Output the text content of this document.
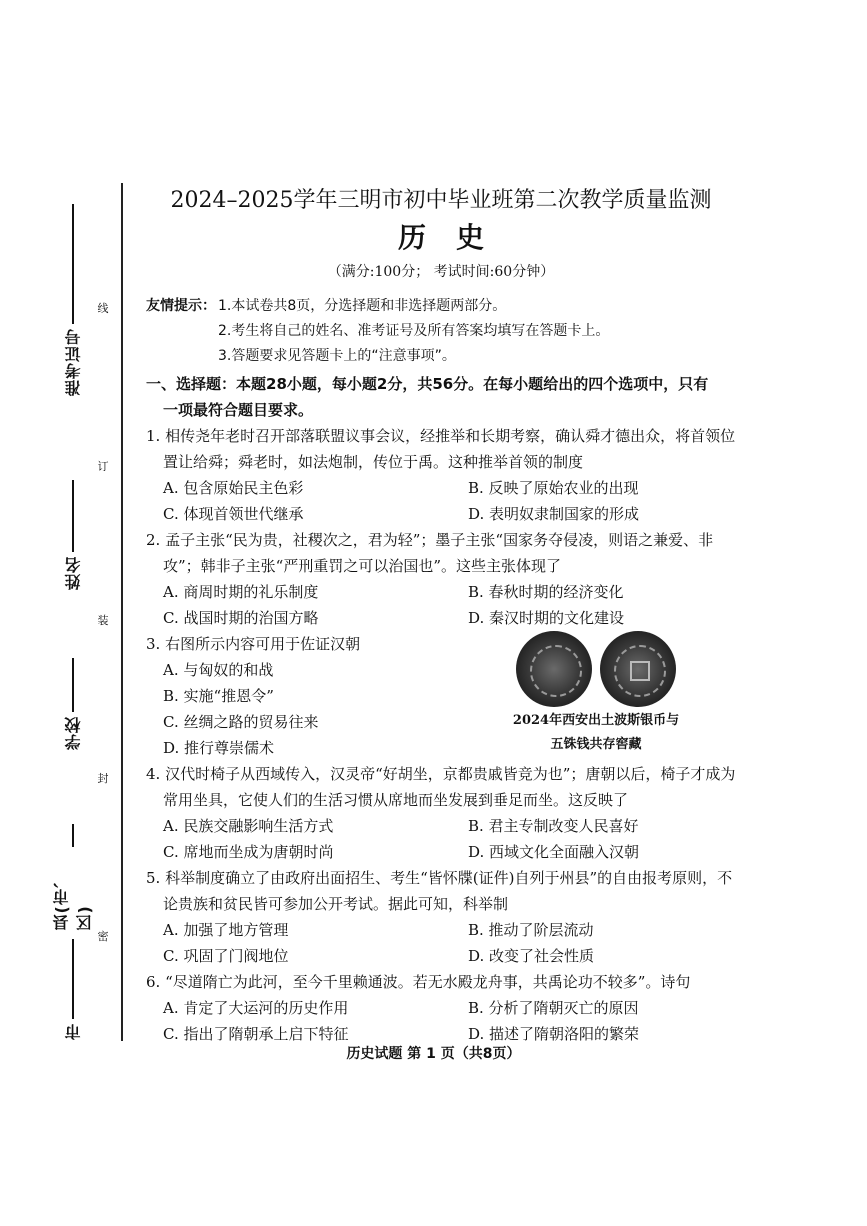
线
订
装
封
密
准考证号
姓名
学校
县(市、区)
市
2024–2025学年三明市初中毕业班第二次教学质量监测
历史
（满分:100分； 考试时间:60分钟）
友情提示： 1.本试卷共8页，分选择题和非选择题两部分。
2.考生将自己的姓名、准考证号及所有答案均填写在答题卡上。
3.答题要求见答题卡上的“注意事项”。
一、选择题：本题28小题，每小题2分，共56分。在每小题给出的四个选项中，只有
一项最符合题目要求。
1. 相传尧年老时召开部落联盟议事会议，经推举和长期考察，确认舜才德出众，将首领位置让给舜；舜老时，如法炮制，传位于禹。这种推举首领的制度
A. 包含原始民主色彩	B. 反映了原始农业的出现
C. 体现首领世代继承	D. 表明奴隶制国家的形成
2. 孟子主张“民为贵，社稷次之，君为轻”；墨子主张“国家务夺侵凌，则语之兼爱、非攻”；韩非子主张“严刑重罚之可以治国也”。这些主张体现了
A. 商周时期的礼乐制度	B. 春秋时期的经济变化
C. 战国时期的治国方略	D. 秦汉时期的文化建设
3. 右图所示内容可用于佐证汉朝
A. 与匈奴的和战
B. 实施“推恩令”
C. 丝绸之路的贸易往来
D. 推行尊崇儒术
2024年西安出土波斯银币与
五铢钱共存窖藏
4. 汉代时椅子从西域传入，汉灵帝“好胡坐，京都贵戚皆竞为也”；唐朝以后，椅子才成为常用坐具，它使人们的生活习惯从席地而坐发展到垂足而坐。这反映了
A. 民族交融影响生活方式	B. 君主专制改变人民喜好
C. 席地而坐成为唐朝时尚	D. 西域文化全面融入汉朝
5. 科举制度确立了由政府出面招生、考生“皆怀牒(证件)自列于州县”的自由报考原则，不论贵族和贫民皆可参加公开考试。据此可知，科举制
A. 加强了地方管理	B. 推动了阶层流动
C. 巩固了门阀地位	D. 改变了社会性质
6. “尽道隋亡为此河，至今千里赖通波。若无水殿龙舟事，共禹论功不较多”。诗句
A. 肯定了大运河的历史作用	B. 分析了隋朝灭亡的原因
C. 指出了隋朝承上启下特征	D. 描述了隋朝洛阳的繁荣
历史试题 第 1 页（共8页）
